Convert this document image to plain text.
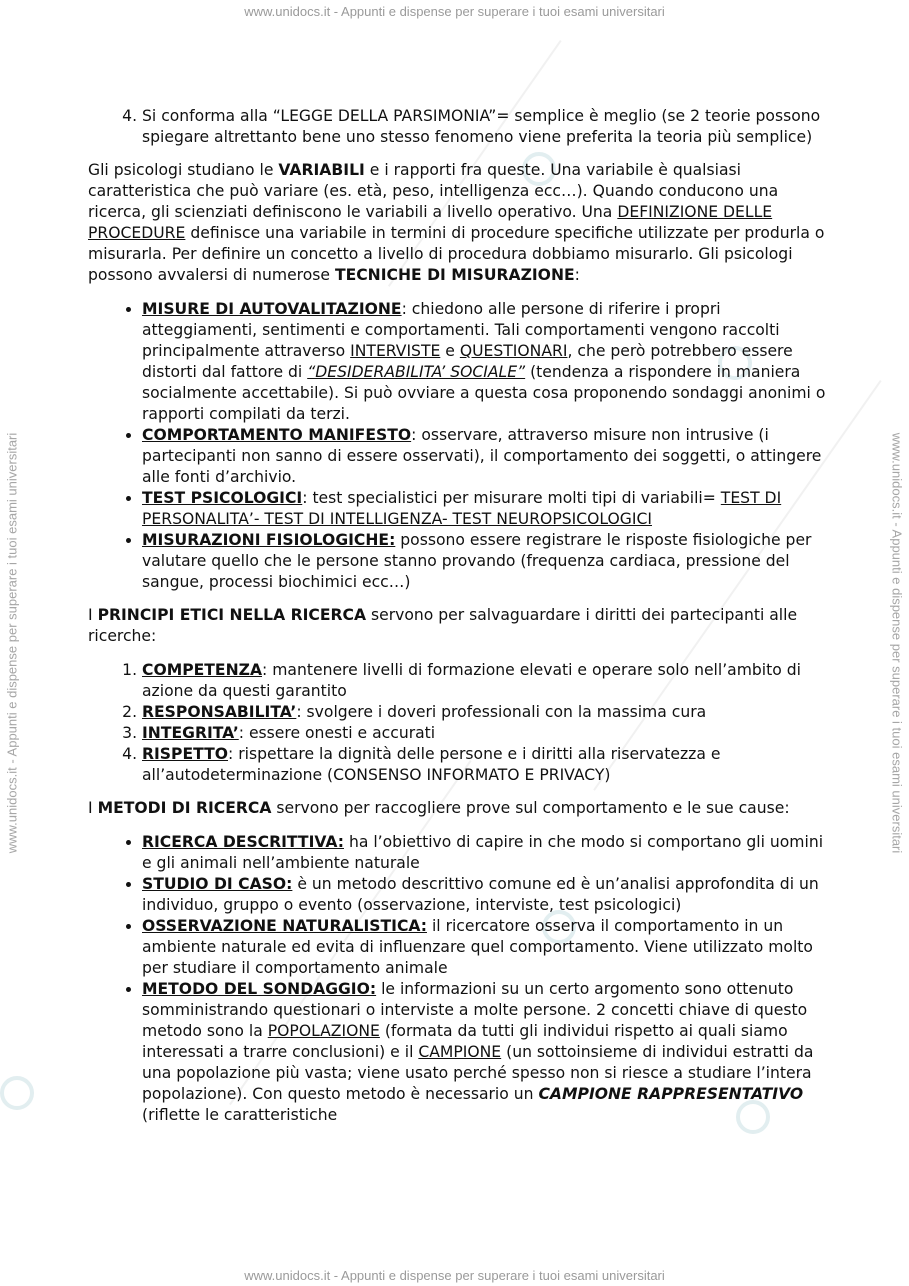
www.unidocs.it - Appunti e dispense per superare i tuoi esami universitari
www.unidocs.it - Appunti e dispense per superare i tuoi esami universitari
www.unidocs.it - Appunti e dispense per superare i tuoi esami universitari	www.unidocs.it - Appunti e dispense per superare i tuoi esami universitari
4. Si conforma alla “LEGGE DELLA PARSIMONIA”= semplice è meglio (se 2 teorie possono spiegare altrettanto bene uno stesso fenomeno viene preferita la teoria più semplice)

Gli psicologi studiano le VARIABILI e i rapporti fra queste. Una variabile è qualsiasi caratteristica che può variare (es. età, peso, intelligenza ecc…). Quando conducono una ricerca, gli scienziati definiscono le variabili a livello operativo. Una DEFINIZIONE DELLE PROCEDURE definisce una variabile in termini di procedure specifiche utilizzate per produrla o misurarla. Per definire un concetto a livello di procedura dobbiamo misurarlo. Gli psicologi possono avvalersi di numerose TECNICHE DI MISURAZIONE:

• MISURE DI AUTOVALITAZIONE: chiedono alle persone di riferire i propri atteggiamenti, sentimenti e comportamenti. Tali comportamenti vengono raccolti principalmente attraverso INTERVISTE e QUESTIONARI, che però potrebbero essere distorti dal fattore di “DESIDERABILITA’ SOCIALE” (tendenza a rispondere in maniera socialmente accettabile). Si può ovviare a questa cosa proponendo sondaggi anonimi o rapporti compilati da terzi.
• COMPORTAMENTO MANIFESTO: osservare, attraverso misure non intrusive (i partecipanti non sanno di essere osservati), il comportamento dei soggetti, o attingere alle fonti d’archivio.
• TEST PSICOLOGICI: test specialistici per misurare molti tipi di variabili= TEST DI PERSONALITA’- TEST DI INTELLIGENZA- TEST NEUROPSICOLOGICI
• MISURAZIONI FISIOLOGICHE: possono essere registrare le risposte fisiologiche per valutare quello che le persone stanno provando (frequenza cardiaca, pressione del sangue, processi biochimici ecc…)

I PRINCIPI ETICI NELLA RICERCA servono per salvaguardare i diritti dei partecipanti alle ricerche:

1. COMPETENZA: mantenere livelli di formazione elevati e operare solo nell’ambito di azione da questi garantito
2. RESPONSABILITA’: svolgere i doveri professionali con la massima cura
3. INTEGRITA’: essere onesti e accurati
4. RISPETTO: rispettare la dignità delle persone e i diritti alla riservatezza e all’autodeterminazione (CONSENSO INFORMATO E PRIVACY)

I METODI DI RICERCA servono per raccogliere prove sul comportamento e le sue cause:

• RICERCA DESCRITTIVA: ha l’obiettivo di capire in che modo si comportano gli uomini e gli animali nell’ambiente naturale
• STUDIO DI CASO: è un metodo descrittivo comune ed è un’analisi approfondita di un individuo, gruppo o evento (osservazione, interviste, test psicologici)
• OSSERVAZIONE NATURALISTICA: il ricercatore osserva il comportamento in un ambiente naturale ed evita di influenzare quel comportamento. Viene utilizzato molto per studiare il comportamento animale
• METODO DEL SONDAGGIO: le informazioni su un certo argomento sono ottenuto somministrando questionari o interviste a molte persone. 2 concetti chiave di questo metodo sono la POPOLAZIONE (formata da tutti gli individui rispetto ai quali siamo interessati a trarre conclusioni) e il CAMPIONE (un sottoinsieme di individui estratti da una popolazione più vasta; viene usato perché spesso non si riesce a studiare l’intera popolazione). Con questo metodo è necessario un CAMPIONE RAPPRESENTATIVO (riflette le caratteristiche
